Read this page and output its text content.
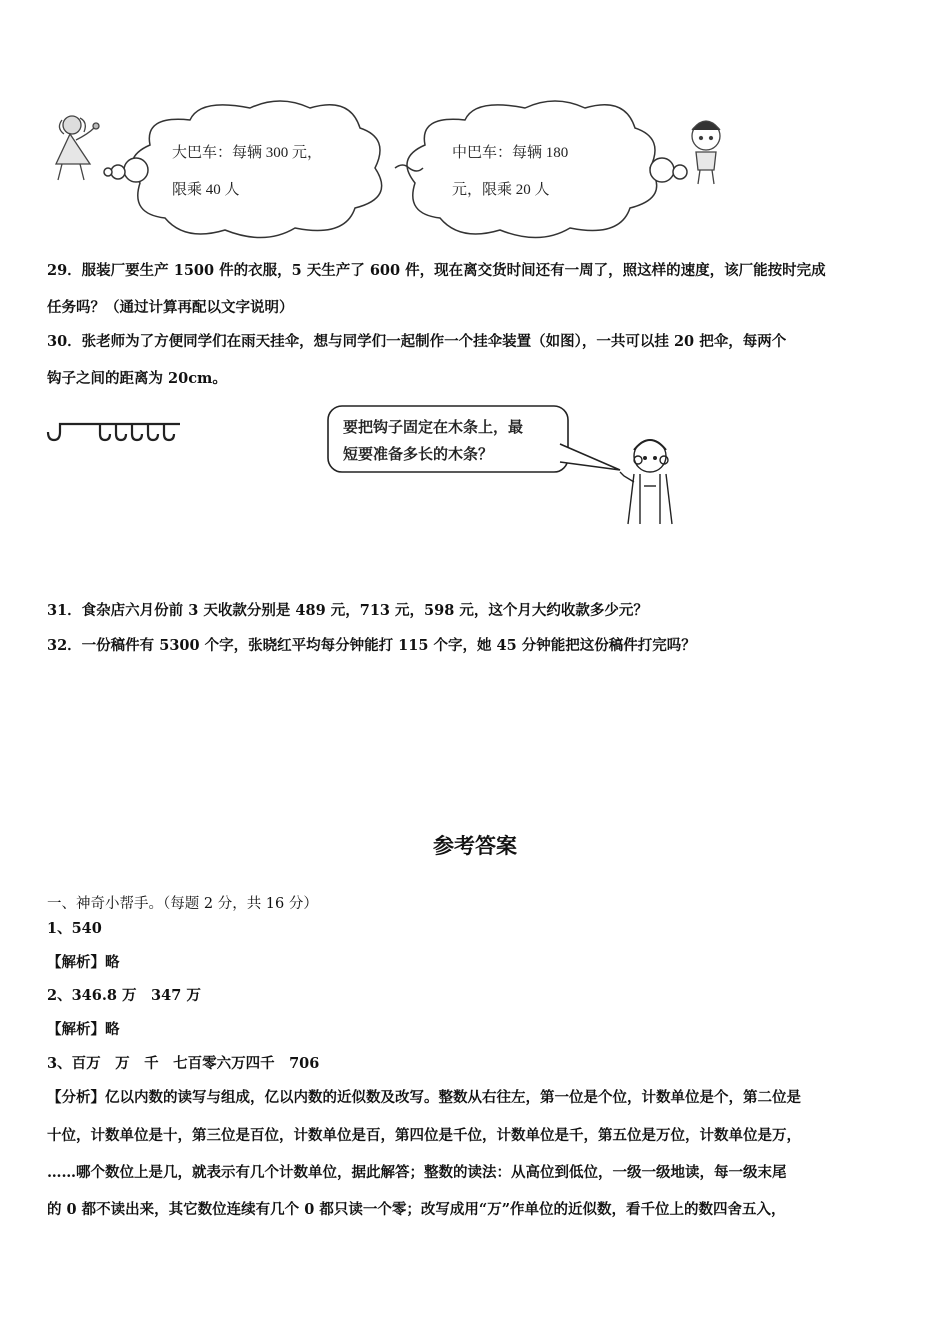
大巴车：每辆 300 元，
限乘 40 人
中巴车：每辆 180
元，限乘 20 人
29．服装厂要生产 1500 件的衣服，5 天生产了 600 件，现在离交货时间还有一周了，照这样的速度，该厂能按时完成
任务吗？（通过计算再配以文字说明）
30．张老师为了方便同学们在雨天挂伞，想与同学们一起制作一个挂伞装置（如图），一共可以挂 20 把伞，每两个
钩子之间的距离为 20cm。
要把钩子固定在木条上，最
短要准备多长的木条？
31．食杂店六月份前 3 天收款分别是 489 元，713 元，598 元，这个月大约收款多少元？
32．一份稿件有 5300 个字，张晓红平均每分钟能打 115 个字，她 45 分钟能把这份稿件打完吗？
参考答案
一、神奇小帮手。（每题 2 分，共 16 分）
1、540
【解析】略
2、346.8 万　347 万
【解析】略
3、百万　万　千　七百零六万四千　706
【分析】亿以内数的读写与组成，亿以内数的近似数及改写。整数从右往左，第一位是个位，计数单位是个，第二位是
十位，计数单位是十，第三位是百位，计数单位是百，第四位是千位，计数单位是千，第五位是万位，计数单位是万，
……哪个数位上是几，就表示有几个计数单位，据此解答；整数的读法：从高位到低位，一级一级地读，每一级末尾
的 0 都不读出来，其它数位连续有几个 0 都只读一个零；改写成用“万”作单位的近似数，看千位上的数四舍五入，
